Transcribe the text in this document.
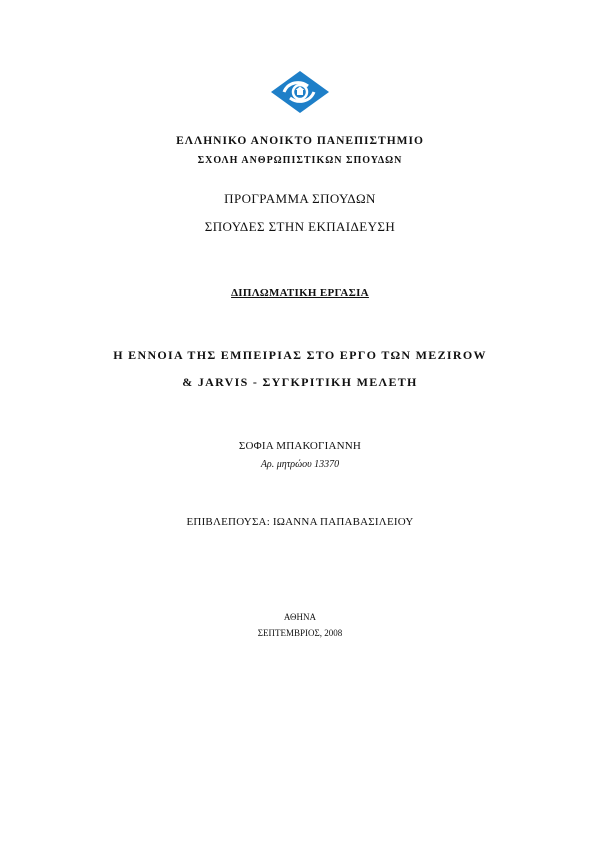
ΕΛΛΗΝΙΚΟ ΑΝΟΙΚΤΟ ΠΑΝΕΠΙΣΤΗΜΙΟ
ΣΧΟΛΗ ΑΝΘΡΩΠΙΣΤΙΚΩΝ ΣΠΟΥΔΩΝ
ΠΡΟΓΡΑΜΜΑ ΣΠΟΥΔΩΝ
ΣΠΟΥΔΕΣ ΣΤΗΝ ΕΚΠΑΙΔΕΥΣΗ
ΔΙΠΛΩΜΑΤΙΚΗ ΕΡΓΑΣΙΑ
Η ΕΝΝΟΙΑ ΤΗΣ ΕΜΠΕΙΡΙΑΣ ΣΤΟ ΕΡΓΟ ΤΩΝ MEZIROW
& JARVIS - ΣΥΓΚΡΙΤΙΚΗ ΜΕΛΕΤΗ
ΣΟΦΙΑ ΜΠΑΚΟΓΙΑΝΝΗ
Αρ. μητρώου 13370
ΕΠΙΒΛΕΠΟΥΣΑ: ΙΩΑΝΝΑ ΠΑΠΑΒΑΣΙΛΕΙΟΥ
ΑΘΗΝΑ
ΣΕΠΤΕΜΒΡΙΟΣ, 2008
